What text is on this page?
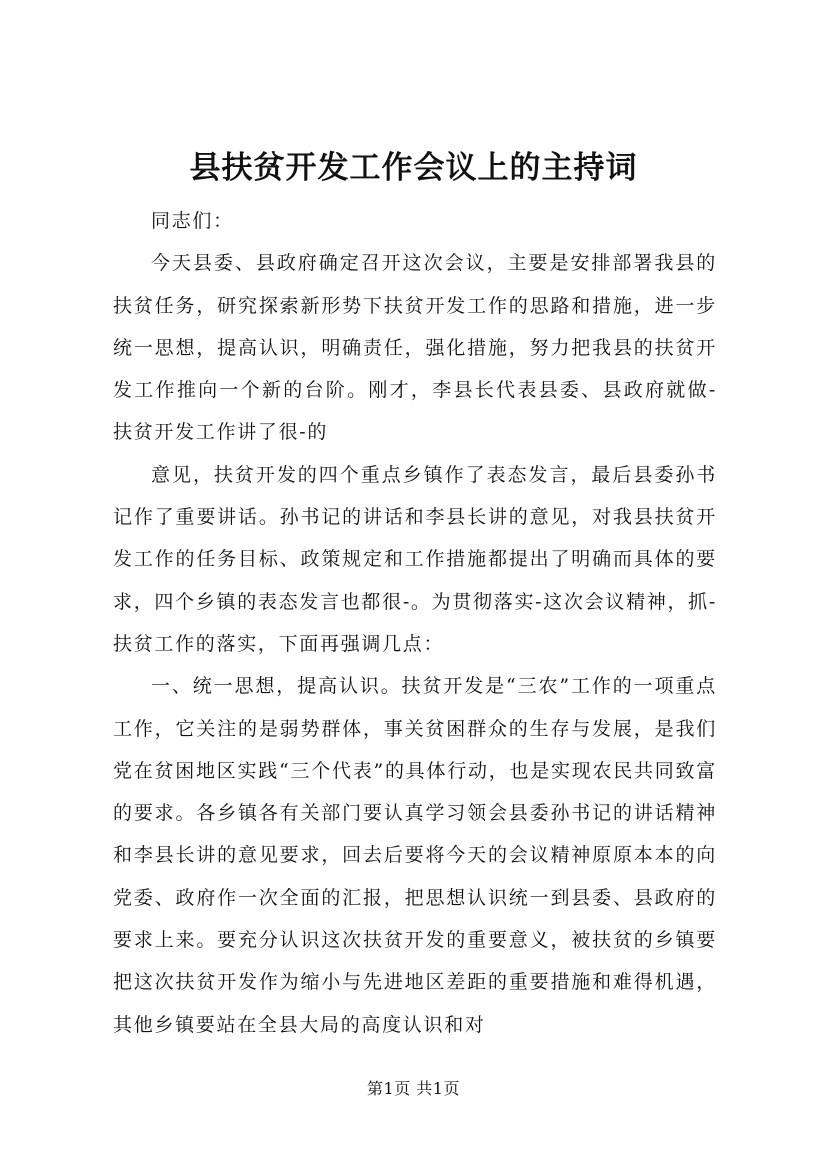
县扶贫开发工作会议上的主持词

同志们：

今天县委、县政府确定召开这次会议，主要是安排部署我县的扶贫任务，研究探索新形势下扶贫开发工作的思路和措施，进一步统一思想，提高认识，明确责任，强化措施，努力把我县的扶贫开发工作推向一个新的台阶。刚才，李县长代表县委、县政府就做-扶贫开发工作讲了很-的

意见，扶贫开发的四个重点乡镇作了表态发言，最后县委孙书记作了重要讲话。孙书记的讲话和李县长讲的意见，对我县扶贫开发工作的任务目标、政策规定和工作措施都提出了明确而具体的要求，四个乡镇的表态发言也都很-。为贯彻落实-这次会议精神，抓-扶贫工作的落实，下面再强调几点：

一、统一思想，提高认识。扶贫开发是“三农”工作的一项重点工作，它关注的是弱势群体，事关贫困群众的生存与发展，是我们党在贫困地区实践“三个代表”的具体行动，也是实现农民共同致富的要求。各乡镇各有关部门要认真学习领会县委孙书记的讲话精神和李县长讲的意见要求，回去后要将今天的会议精神原原本本的向党委、政府作一次全面的汇报，把思想认识统一到县委、县政府的要求上来。要充分认识这次扶贫开发的重要意义，被扶贫的乡镇要把这次扶贫开发作为缩小与先进地区差距的重要措施和难得机遇，其他乡镇要站在全县大局的高度认识和对

第1页 共1页
